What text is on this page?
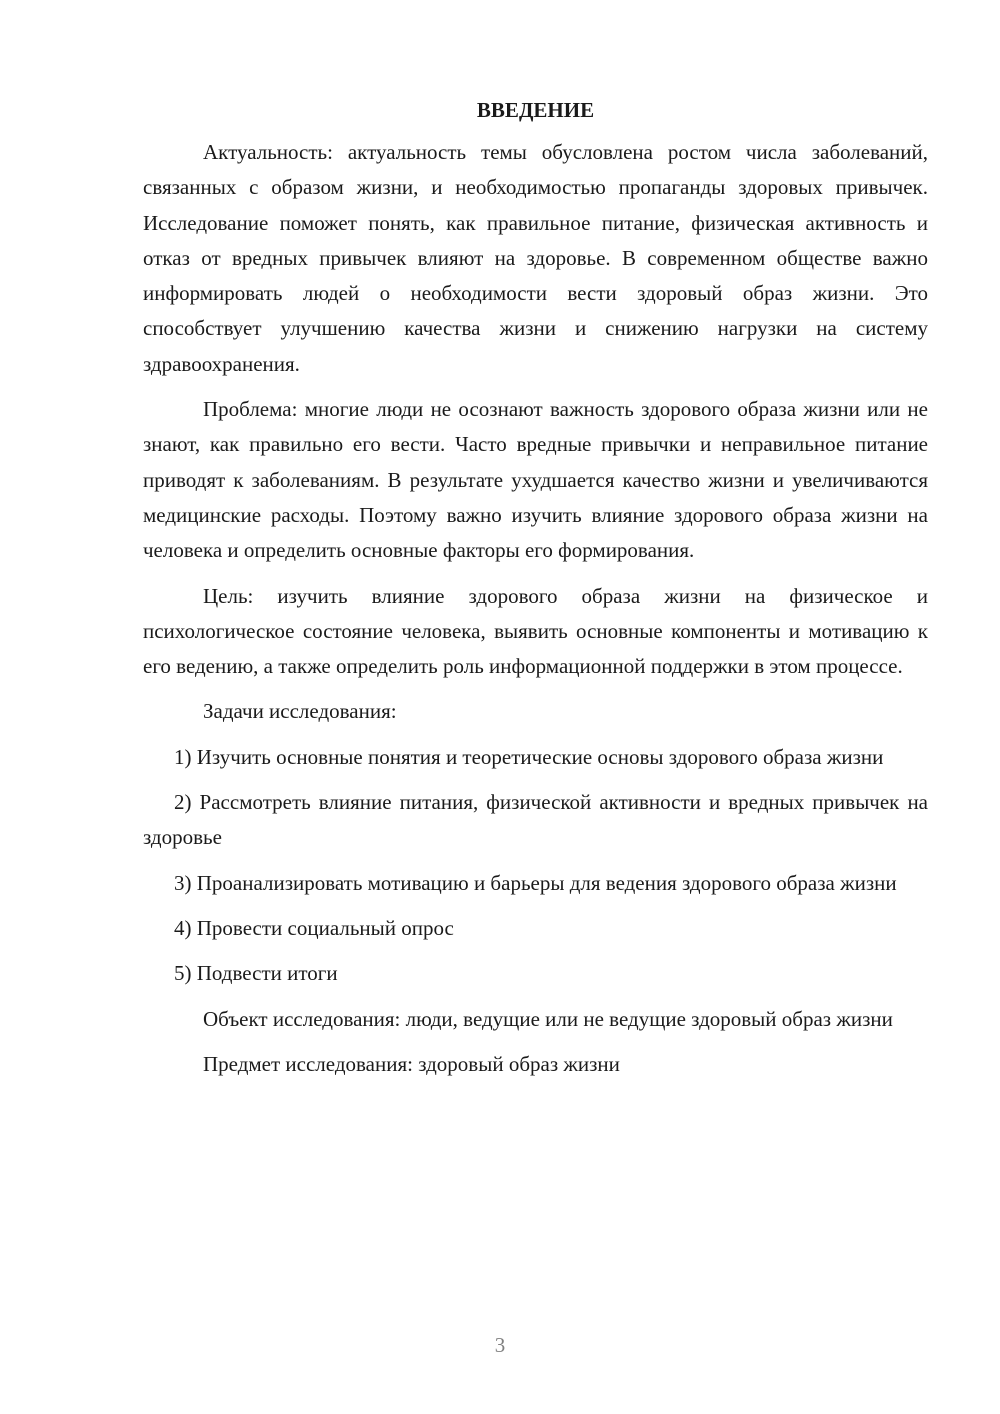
ВВЕДЕНИЕ

Актуальность: актуальность темы обусловлена ростом числа заболеваний, связанных с образом жизни, и необходимостью пропаганды здоровых привычек. Исследование поможет понять, как правильное питание, физическая активность и отказ от вредных привычек влияют на здоровье. В современном обществе важно информировать людей о необходимости вести здоровый образ жизни. Это способствует улучшению качества жизни и снижению нагрузки на систему здравоохранения.

Проблема: многие люди не осознают важность здорового образа жизни или не знают, как правильно его вести. Часто вредные привычки и неправильное питание приводят к заболеваниям. В результате ухудшается качество жизни и увеличиваются медицинские расходы. Поэтому важно изучить влияние здорового образа жизни на человека и определить основные факторы его формирования.

Цель: изучить влияние здорового образа жизни на физическое и психологическое состояние человека, выявить основные компоненты и мотивацию к его ведению, а также определить роль информационной поддержки в этом процессе.

Задачи исследования:

1) Изучить основные понятия и теоретические основы здорового образа жизни

2) Рассмотреть влияние питания, физической активности и вредных привычек на здоровье

3) Проанализировать мотивацию и барьеры для ведения здорового образа жизни

4) Провести социальный опрос

5) Подвести итоги

Объект исследования: люди, ведущие или не ведущие здоровый образ жизни

Предмет исследования: здоровый образ жизни

3
